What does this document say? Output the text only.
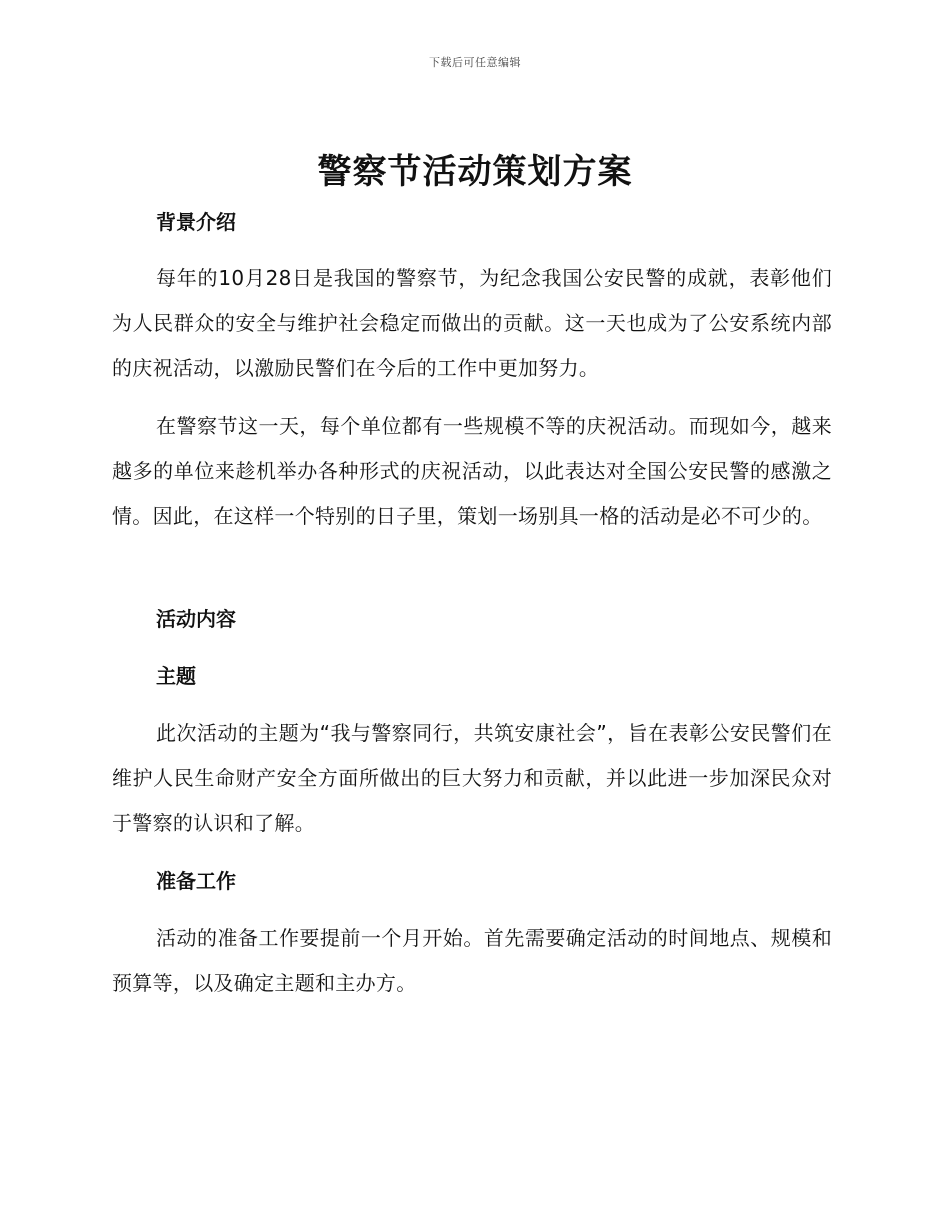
下载后可任意编辑
警察节活动策划方案
背景介绍
每年的10月28日是我国的警察节，为纪念我国公安民警的成就，表彰他们为人民群众的安全与维护社会稳定而做出的贡献。这一天也成为了公安系统内部的庆祝活动，以激励民警们在今后的工作中更加努力。
在警察节这一天，每个单位都有一些规模不等的庆祝活动。而现如今，越来越多的单位来趁机举办各种形式的庆祝活动，以此表达对全国公安民警的感激之情。因此，在这样一个特别的日子里，策划一场别具一格的活动是必不可少的。
活动内容
主题
此次活动的主题为“我与警察同行，共筑安康社会”，旨在表彰公安民警们在维护人民生命财产安全方面所做出的巨大努力和贡献，并以此进一步加深民众对于警察的认识和了解。
准备工作
活动的准备工作要提前一个月开始。首先需要确定活动的时间地点、规模和预算等，以及确定主题和主办方。
